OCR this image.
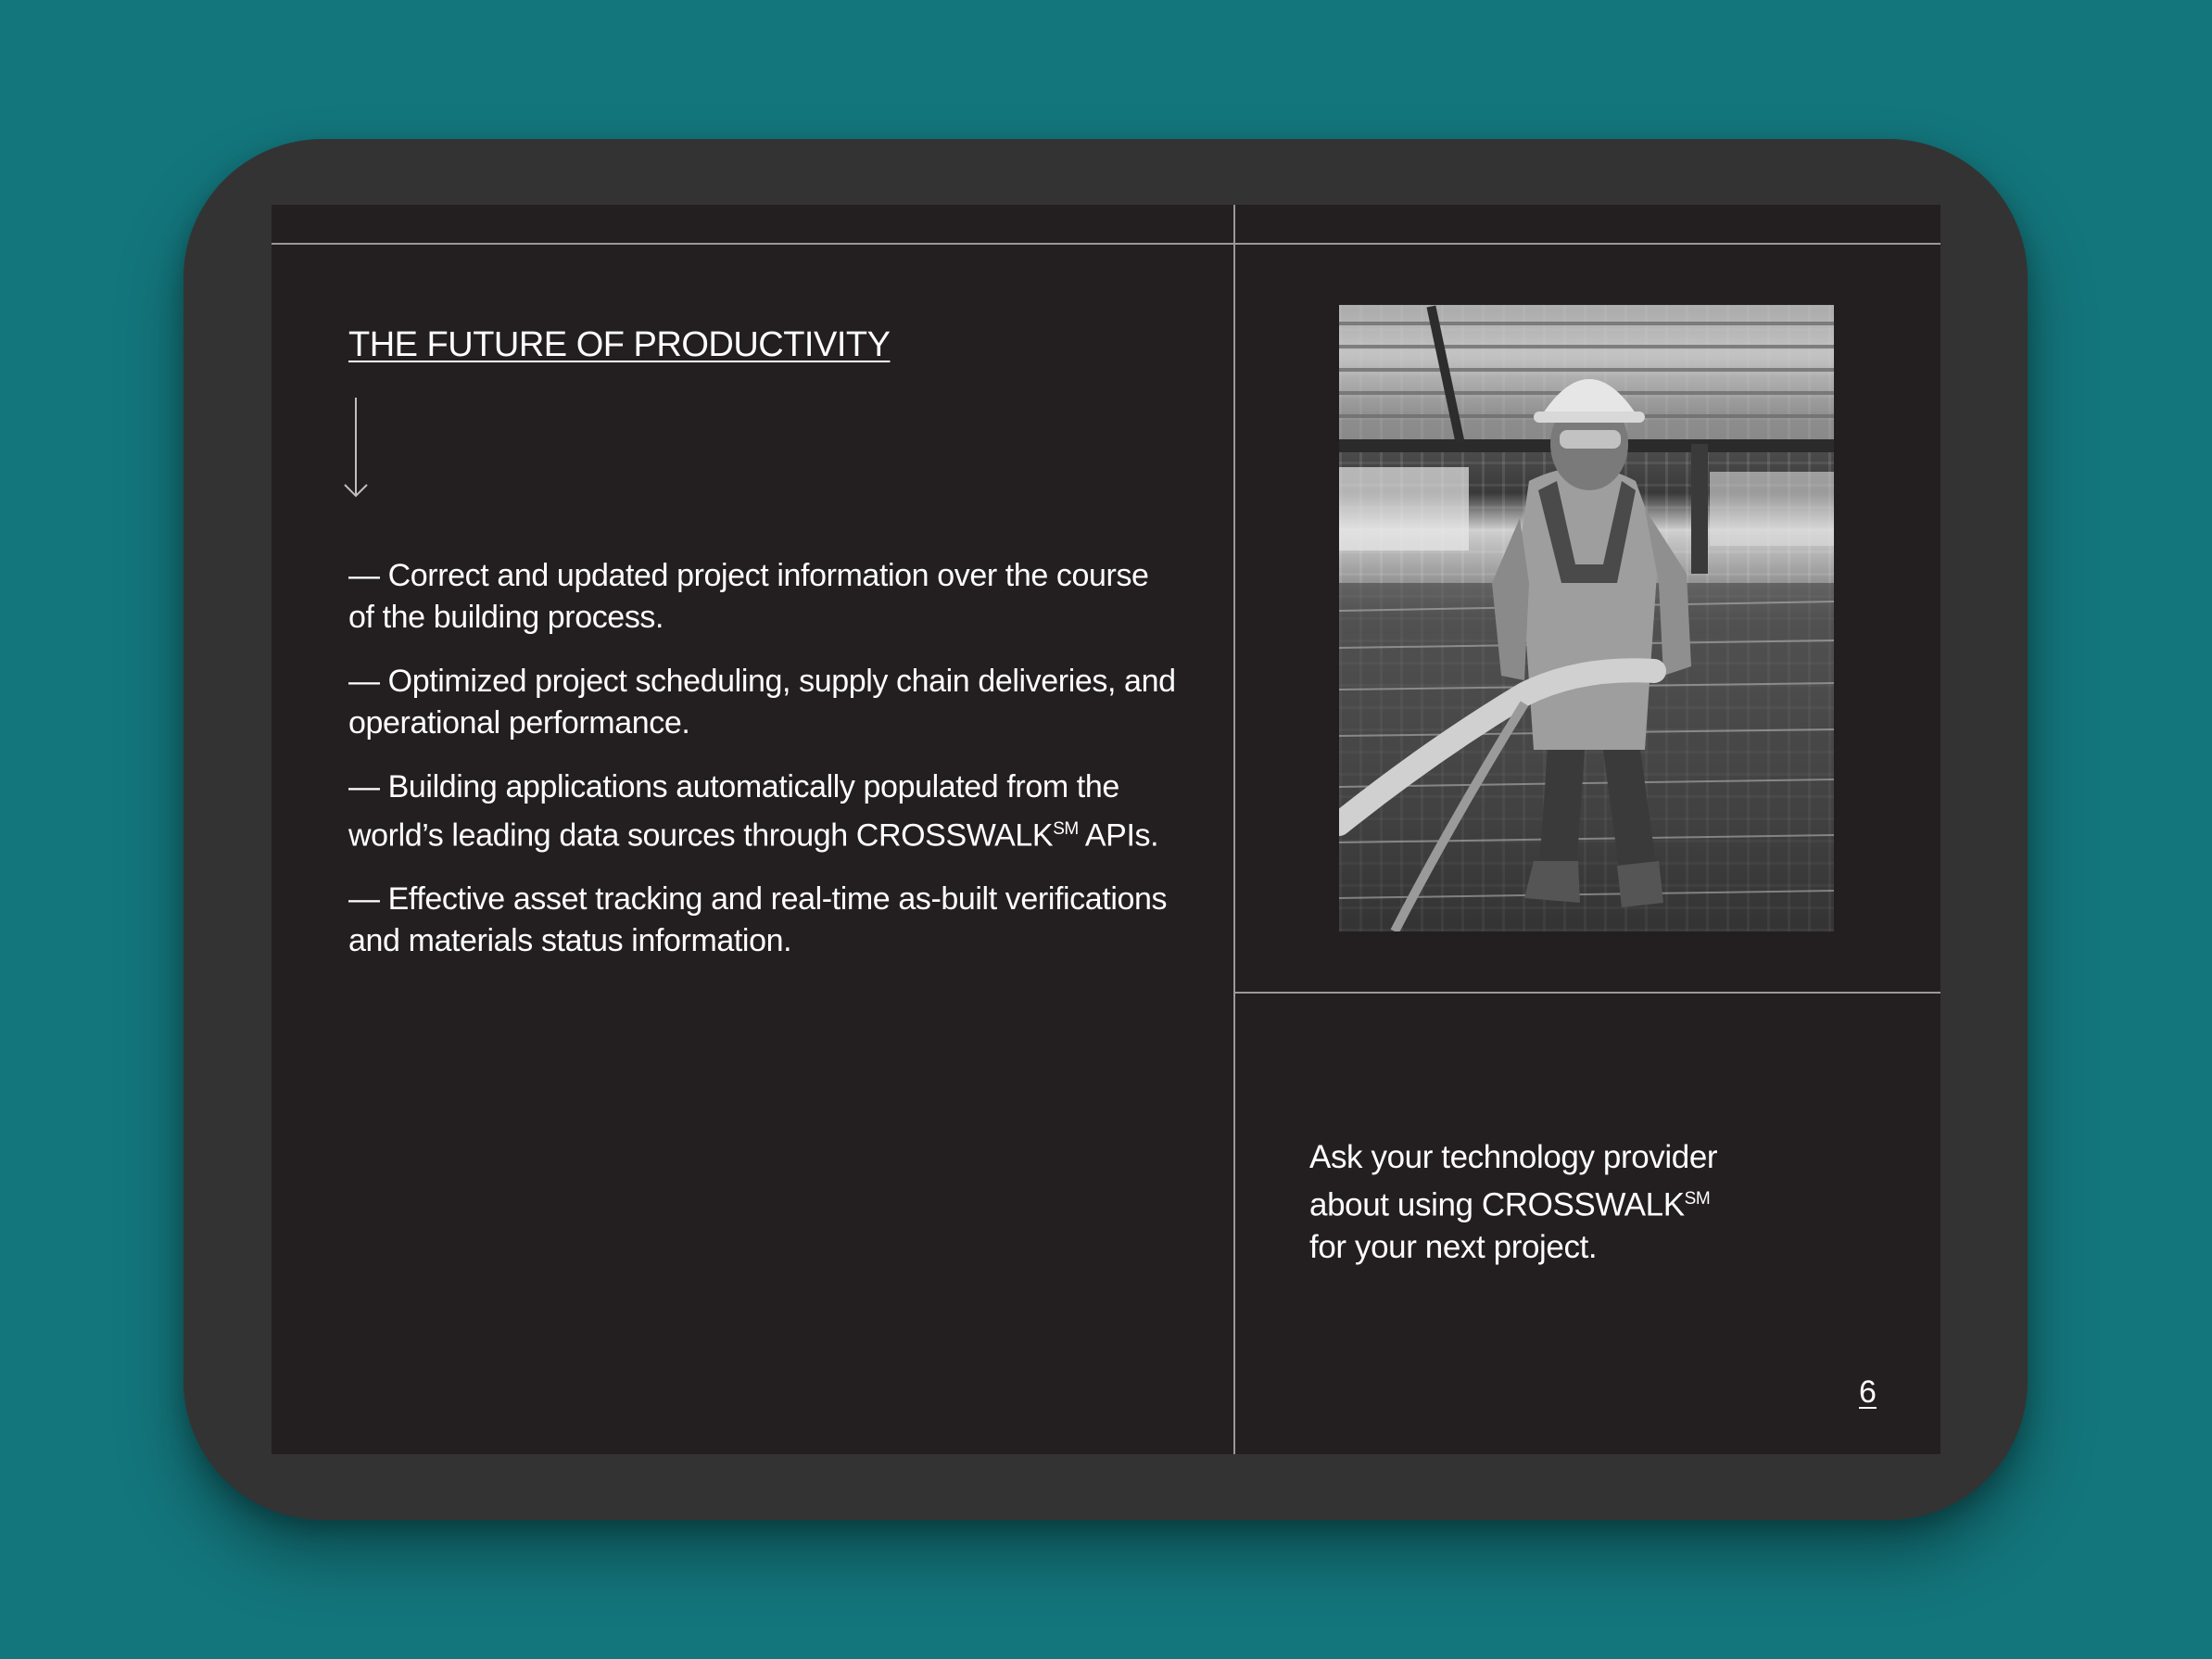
THE FUTURE OF PRODUCTIVITY
— Correct and updated project information over the course of the building process.
— Optimized project scheduling, supply chain deliveries, and operational performance.
— Building applications automatically populated from the world’s leading data sources through CROSSWALK℠ APIs.
— Effective asset tracking and real-time as-built verifications and materials status information.
Ask your technology provider
about using CROSSWALK℠
for your next project.
6
